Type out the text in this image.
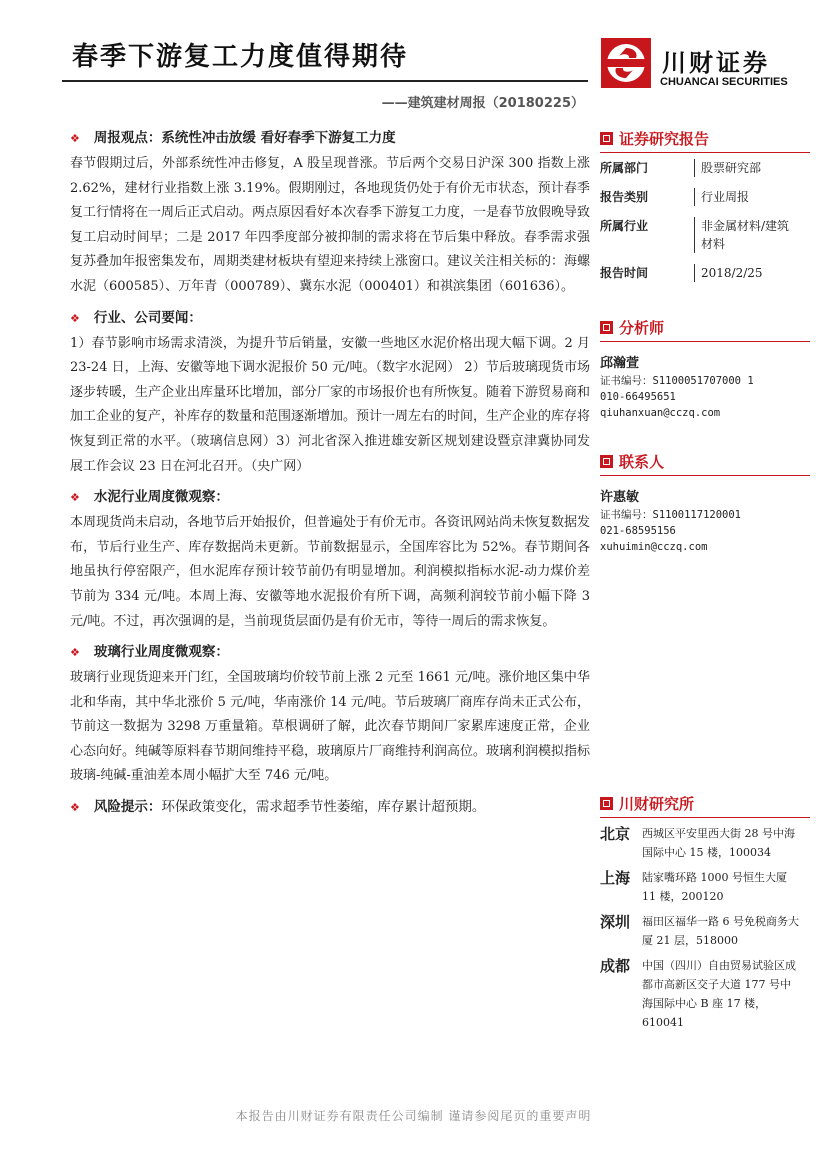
春季下游复工力度值得期待
——建筑建材周报（20180225）
川财证券
CHUANCAI SECURITIES

❖ 周报观点：系统性冲击放缓 看好春季下游复工力度

春节假期过后，外部系统性冲击修复，A 股呈现普涨。节后两个交易日沪深 300 指数上涨 2.62%，建材行业指数上涨 3.19%。假期刚过，各地现货仍处于有价无市状态，预计春季复工行情将在一周后正式启动。两点原因看好本次春季下游复工力度，一是春节放假晚导致复工启动时间早；二是 2017 年四季度部分被抑制的需求将在节后集中释放。春季需求强复苏叠加年报密集发布，周期类建材板块有望迎来持续上涨窗口。建议关注相关标的：海螺水泥（600585）、万年青（000789）、冀东水泥（000401）和祺滨集团（601636）。

❖ 行业、公司要闻：

1）春节影响市场需求清淡，为提升节后销量，安徽一些地区水泥价格出现大幅下调。2 月 23-24 日，上海、安徽等地下调水泥报价 50 元/吨。（数字水泥网） 2）节后玻璃现货市场逐步转暖，生产企业出库量环比增加，部分厂家的市场报价也有所恢复。随着下游贸易商和加工企业的复产，补库存的数量和范围逐渐增加。预计一周左右的时间，生产企业的库存将恢复到正常的水平。（玻璃信息网）3）河北省深入推进雄安新区规划建设暨京津冀协同发展工作会议 23 日在河北召开。（央广网）

❖ 水泥行业周度微观察：

本周现货尚未启动，各地节后开始报价，但普遍处于有价无市。各资讯网站尚未恢复数据发布，节后行业生产、库存数据尚未更新。节前数据显示，全国库容比为 52%。春节期间各地虽执行停窑限产，但水泥库存预计较节前仍有明显增加。利润模拟指标水泥-动力煤价差节前为 334 元/吨。本周上海、安徽等地水泥报价有所下调，高频利润较节前小幅下降 3 元/吨。不过，再次强调的是，当前现货层面仍是有价无市，等待一周后的需求恢复。

❖ 玻璃行业周度微观察：

玻璃行业现货迎来开门红，全国玻璃均价较节前上涨 2 元至 1661 元/吨。涨价地区集中华北和华南，其中华北涨价 5 元/吨，华南涨价 14 元/吨。节后玻璃厂商库存尚未正式公布，节前这一数据为 3298 万重量箱。草根调研了解，此次春节期间厂家累库速度正常，企业心态向好。纯碱等原料春节期间维持平稳，玻璃原片厂商维持利润高位。玻璃利润模拟指标玻璃-纯碱-重油差本周小幅扩大至 746 元/吨。

❖ 风险提示：环保政策变化，需求超季节性萎缩，库存累计超预期。

证券研究报告
所属部门	股票研究部
报告类别	行业周报
所属行业	非金属材料/建筑材料
报告时间	2018/2/25
分析师
邱瀚萱
证书编号：S1100051707000 1
010-66495651
qiuhanxuan@cczq.com
联系人
许惠敏
证书编号：S1100117120001
021-68595156
xuhuimin@cczq.com
川财研究所
北京	西城区平安里西大街 28 号中海国际中心 15 楼，100034
上海	陆家嘴环路 1000 号恒生大厦 11 楼，200120
深圳	福田区福华一路 6 号免税商务大厦 21 层，518000
成都	中国（四川）自由贸易试验区成都市高新区交子大道 177 号中海国际中心 B 座 17 楼，610041
本报告由川财证券有限责任公司编制 谨请参阅尾页的重要声明
